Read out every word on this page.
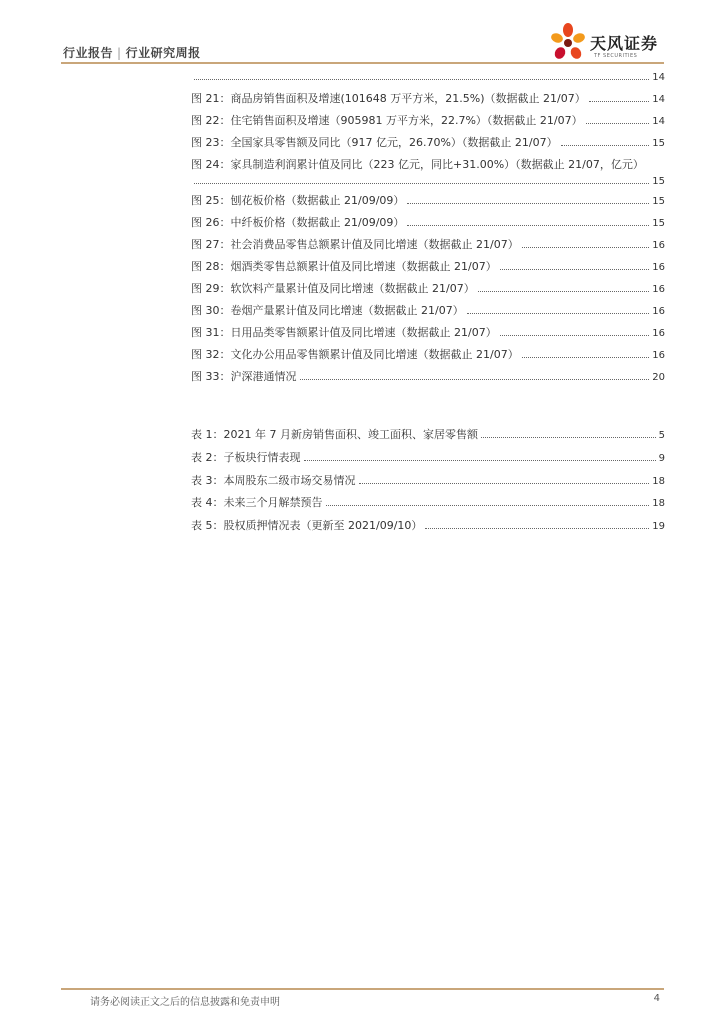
行业报告 | 行业研究周报	天风证券
TF SECURITIES
14
图 21：商品房销售面积及增速(101648 万平方米，21.5%)（数据截止 21/07）	14
图 22：住宅销售面积及增速（905981 万平方米，22.7%）（数据截止 21/07）	14
图 23：全国家具零售额及同比（917 亿元，26.70%）（数据截止 21/07）	15
图 24：家具制造利润累计值及同比（223 亿元，同比+31.00%）（数据截止 21/07，亿元）
15
图 25：刨花板价格（数据截止 21/09/09）	15
图 26：中纤板价格（数据截止 21/09/09）	15
图 27：社会消费品零售总额累计值及同比增速（数据截止 21/07）	16
图 28：烟酒类零售总额累计值及同比增速（数据截止 21/07）	16
图 29：软饮料产量累计值及同比增速（数据截止 21/07）	16
图 30：卷烟产量累计值及同比增速（数据截止 21/07）	16
图 31：日用品类零售额累计值及同比增速（数据截止 21/07）	16
图 32：文化办公用品零售额累计值及同比增速（数据截止 21/07）	16
图 33：沪深港通情况	20
表 1：2021 年 7 月新房销售面积、竣工面积、家居零售额	5
表 2：子板块行情表现	9
表 3：本周股东二级市场交易情况	18
表 4：未来三个月解禁预告	18
表 5：股权质押情况表（更新至 2021/09/10）	19
请务必阅读正文之后的信息披露和免责申明	4
